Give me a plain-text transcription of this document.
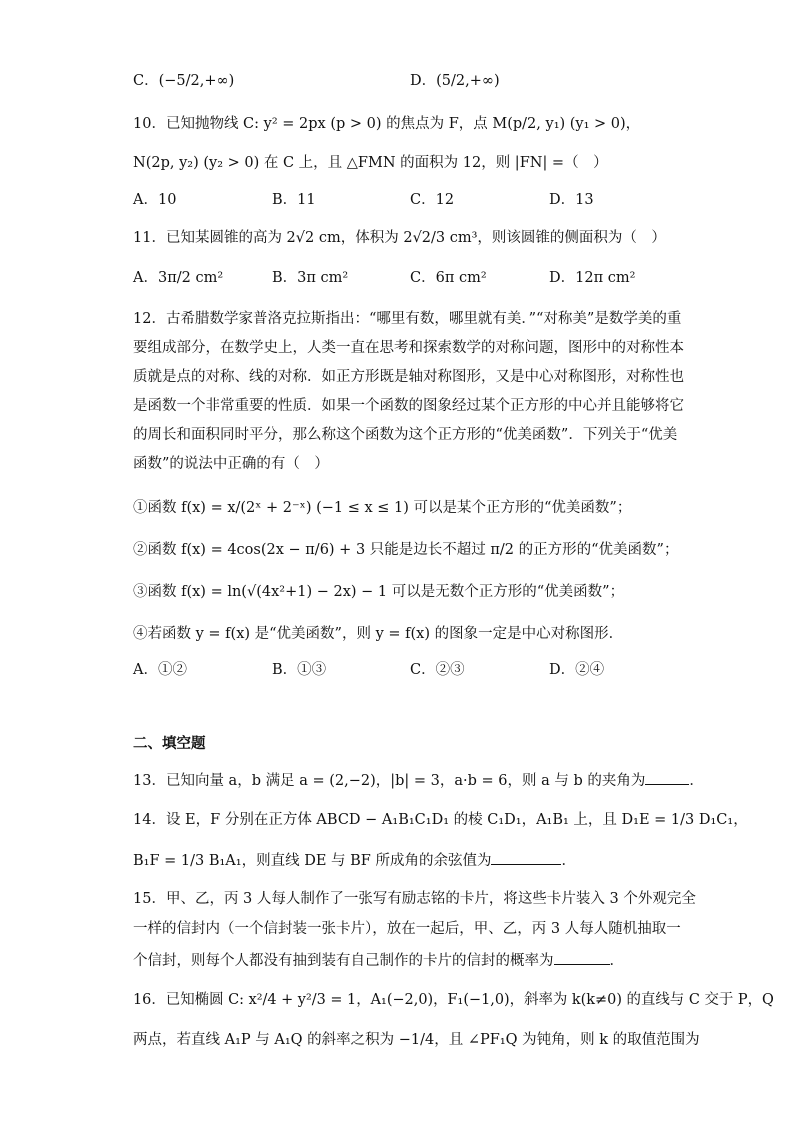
C．(−5/2,+∞)	D．(5/2,+∞)
10．已知抛物线 C: y² = 2px (p > 0) 的焦点为 F，点 M(p/2, y₁) (y₁ > 0)，
N(2p, y₂) (y₂ > 0) 在 C 上，且 △FMN 的面积为 12，则 |FN| =（　）
A．10	B．11	C．12	D．13
11．已知某圆锥的高为 2√2 cm，体积为 2√2/3 cm³，则该圆锥的侧面积为（　）
A．3π/2 cm²	B．3π cm²	C．6π cm²	D．12π cm²
12．古希腊数学家普洛克拉斯指出：“哪里有数，哪里就有美．”“对称美”是数学美的重
要组成部分，在数学史上，人类一直在思考和探索数学的对称问题，图形中的对称性本
质就是点的对称、线的对称．如正方形既是轴对称图形，又是中心对称图形，对称性也
是函数一个非常重要的性质．如果一个函数的图象经过某个正方形的中心并且能够将它
的周长和面积同时平分，那么称这个函数为这个正方形的“优美函数”．下列关于“优美
函数”的说法中正确的有（　）
①函数 f(x) = x/(2ˣ + 2⁻ˣ) (−1 ≤ x ≤ 1) 可以是某个正方形的“优美函数”；
②函数 f(x) = 4cos(2x − π/6) + 3 只能是边长不超过 π/2 的正方形的“优美函数”；
③函数 f(x) = ln(√(4x²+1) − 2x) − 1 可以是无数个正方形的“优美函数”；
④若函数 y = f(x) 是“优美函数”，则 y = f(x) 的图象一定是中心对称图形．
A．①②	B．①③	C．②③	D．②④
二、填空题
13．已知向量 a，b 满足 a = (2,−2)，|b| = 3，a·b = 6，则 a 与 b 的夹角为	．
14．设 E，F 分别在正方体 ABCD − A₁B₁C₁D₁ 的棱 C₁D₁，A₁B₁ 上，且 D₁E = 1/3 D₁C₁，
B₁F = 1/3 B₁A₁，则直线 DE 与 BF 所成角的余弦值为	．
15．甲、乙，丙 3 人每人制作了一张写有励志铭的卡片，将这些卡片装入 3 个外观完全
一样的信封内（一个信封装一张卡片），放在一起后，甲、乙，丙 3 人每人随机抽取一
个信封，则每个人都没有抽到装有自己制作的卡片的信封的概率为	．
16．已知椭圆 C: x²/4 + y²/3 = 1，A₁(−2,0)，F₁(−1,0)，斜率为 k(k≠0) 的直线与 C 交于 P，Q
两点，若直线 A₁P 与 A₁Q 的斜率之积为 −1/4，且 ∠PF₁Q 为钝角，则 k 的取值范围为
